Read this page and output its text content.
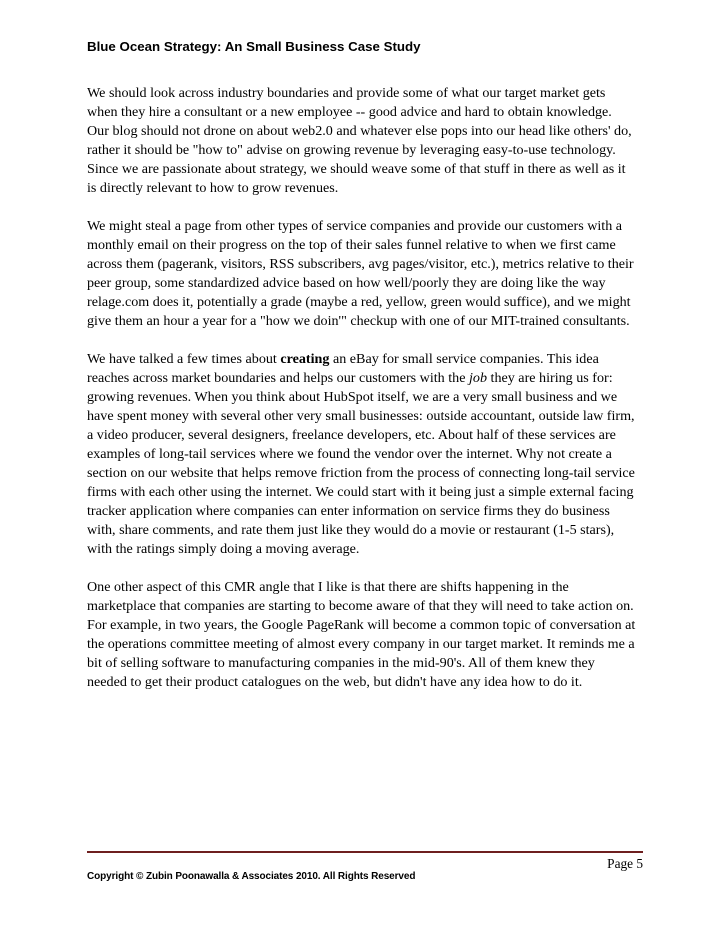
Blue Ocean Strategy: An Small Business Case Study

We should look across industry boundaries and provide some of what our target market gets
when they hire a consultant or a new employee -- good advice and hard to obtain knowledge.
Our blog should not drone on about web2.0 and whatever else pops into our head like others' do,
rather it should be "how to" advise on growing revenue by leveraging easy-to-use technology.
Since we are passionate about strategy, we should weave some of that stuff in there as well as it
is directly relevant to how to grow revenues.

We might steal a page from other types of service companies and provide our customers with a
monthly email on their progress on the top of their sales funnel relative to when we first came
across them (pagerank, visitors, RSS subscribers, avg pages/visitor, etc.), metrics relative to their
peer group, some standardized advice based on how well/poorly they are doing like the way
relage.com does it, potentially a grade (maybe a red, yellow, green would suffice), and we might
give them an hour a year for a "how we doin'" checkup with one of our MIT-trained consultants.

We have talked a few times about creating an eBay for small service companies. This idea
reaches across market boundaries and helps our customers with the job they are hiring us for:
growing revenues. When you think about HubSpot itself, we are a very small business and we
have spent money with several other very small businesses: outside accountant, outside law firm,
a video producer, several designers, freelance developers, etc. About half of these services are
examples of long-tail services where we found the vendor over the internet. Why not create a
section on our website that helps remove friction from the process of connecting long-tail service
firms with each other using the internet. We could start with it being just a simple external facing
tracker application where companies can enter information on service firms they do business
with, share comments, and rate them just like they would do a movie or restaurant (1-5 stars),
with the ratings simply doing a moving average.

One other aspect of this CMR angle that I like is that there are shifts happening in the
marketplace that companies are starting to become aware of that they will need to take action on.
For example, in two years, the Google PageRank will become a common topic of conversation at
the operations committee meeting of almost every company in our target market. It reminds me a
bit of selling software to manufacturing companies in the mid-90's. All of them knew they
needed to get their product catalogues on the web, but didn't have any idea how to do it.

Page 5
Copyright © Zubin Poonawalla & Associates 2010. All Rights Reserved
